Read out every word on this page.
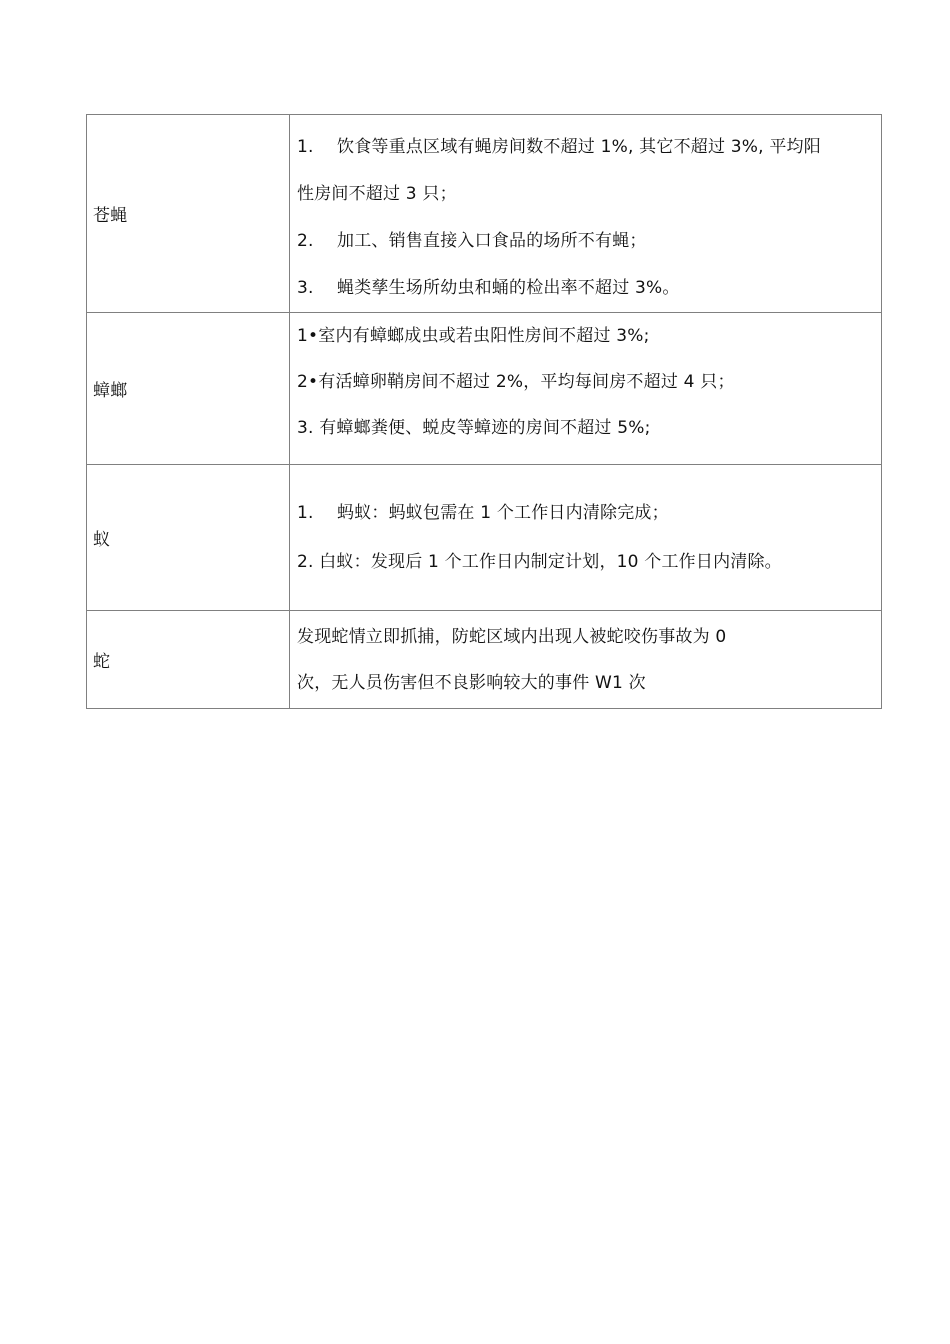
苍蝇	1. 饮食等重点区域有蝇房间数不超过 1%, 其它不超过 3%, 平均阳
性房间不超过 3 只；
2. 加工、销售直接入口食品的场所不有蝇；
3. 蝇类孳生场所幼虫和蛹的检出率不超过 3%。

蟑螂	1•室内有蟑螂成虫或若虫阳性房间不超过 3%;
2•有活蟑卵鞘房间不超过 2%，平均每间房不超过 4 只；
3. 有蟑螂粪便、蜕皮等蟑迹的房间不超过 5%;

蚁	1. 蚂蚁：蚂蚁包需在 1 个工作日内清除完成；
2. 白蚁：发现后 1 个工作日内制定计划，10 个工作日内清除。

蛇	发现蛇情立即抓捕，防蛇区域内出现人被蛇咬伤事故为 0
次，无人员伤害但不良影响较大的事件 W1 次
